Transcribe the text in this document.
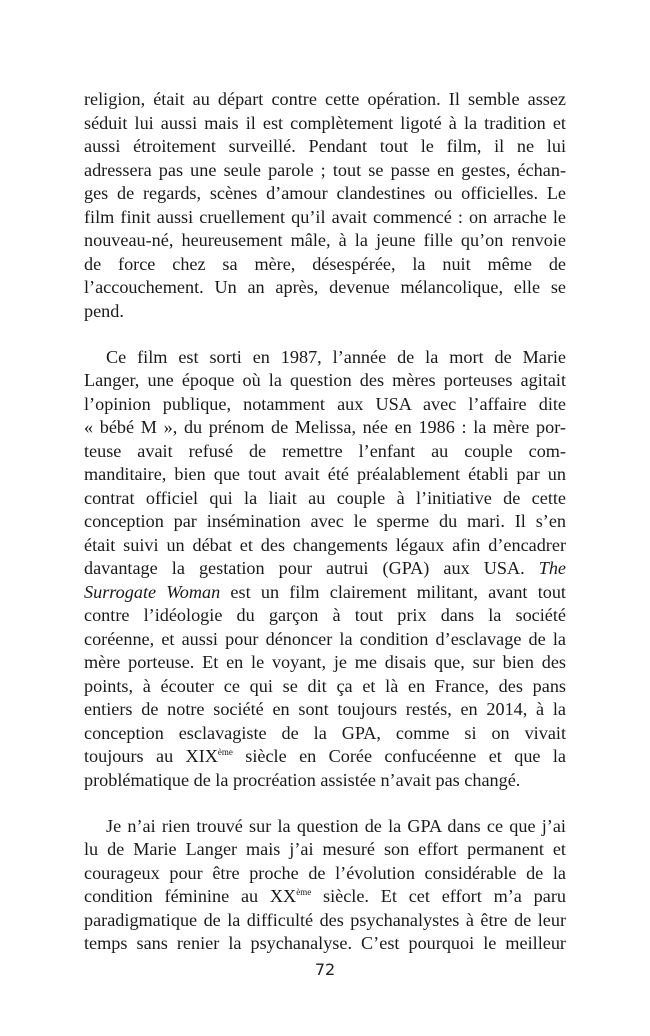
religion, était au départ contre cette opération. Il semble assez
séduit lui aussi mais il est complètement ligoté à la tradition et
aussi étroitement surveillé. Pendant tout le film, il ne lui
adressera pas une seule parole ; tout se passe en gestes, échan-
ges de regards, scènes d’amour clandestines ou officielles. Le
film finit aussi cruellement qu’il avait commencé : on arrache le
nouveau-né, heureusement mâle, à la jeune fille qu’on renvoie
de force chez sa mère, désespérée, la nuit même de
l’accouchement. Un an après, devenue mélancolique, elle se
pend.
Ce film est sorti en 1987, l’année de la mort de Marie
Langer, une époque où la question des mères porteuses agitait
l’opinion publique, notamment aux USA avec l’affaire dite
« bébé M », du prénom de Melissa, née en 1986 : la mère por-
teuse avait refusé de remettre l’enfant au couple com-
manditaire, bien que tout avait été préalablement établi par un
contrat officiel qui la liait au couple à l’initiative de cette
conception par insémination avec le sperme du mari. Il s’en
était suivi un débat et des changements légaux afin d’encadrer
davantage la gestation pour autrui (GPA) aux USA. The
Surrogate Woman est un film clairement militant, avant tout
contre l’idéologie du garçon à tout prix dans la société
coréenne, et aussi pour dénoncer la condition d’esclavage de la
mère porteuse. Et en le voyant, je me disais que, sur bien des
points, à écouter ce qui se dit ça et là en France, des pans
entiers de notre société en sont toujours restés, en 2014, à la
conception esclavagiste de la GPA, comme si on vivait
toujours au XIXème siècle en Corée confucéenne et que la
problématique de la procréation assistée n’avait pas changé.
Je n’ai rien trouvé sur la question de la GPA dans ce que j’ai
lu de Marie Langer mais j’ai mesuré son effort permanent et
courageux pour être proche de l’évolution considérable de la
condition féminine au XXème siècle. Et cet effort m’a paru
paradigmatique de la difficulté des psychanalystes à être de leur
temps sans renier la psychanalyse. C’est pourquoi le meilleur
72
